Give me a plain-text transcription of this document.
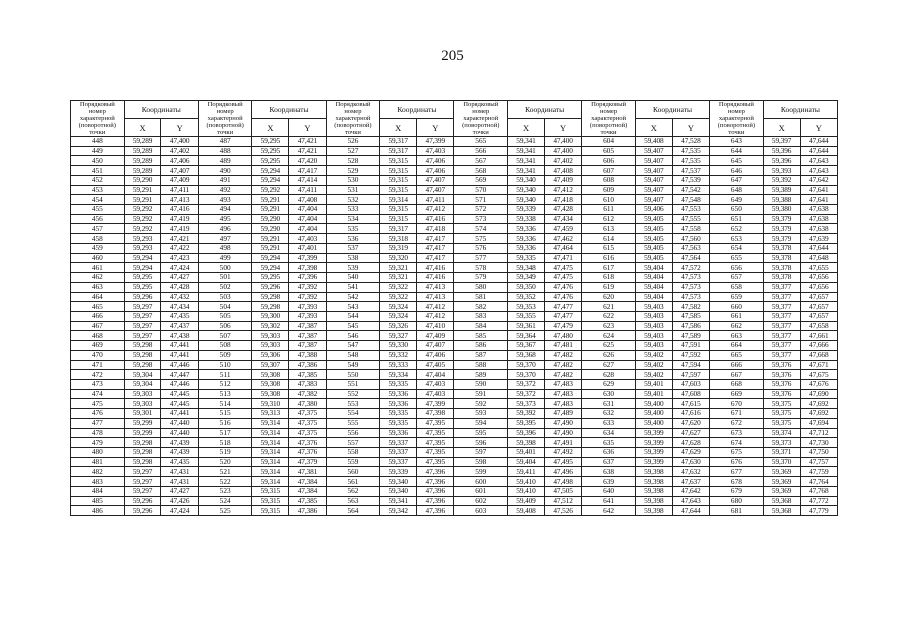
205
Порядковый номер характерной (поворотной) точки	Координаты		Порядковый номер характерной (поворотной) точки	Координаты		Порядковый номер характерной (поворотной) точки	Координаты		Порядковый номер характерной (поворотной) точки	Координаты		Порядковый номер характерной (поворотной) точки	Координаты		Порядковый номер характерной (поворотной) точки	Координаты	
	X	Y		X	Y		X	Y		X	Y		X	Y		X	Y
448	59,289	47,400	487	59,295	47,421	526	59,317	47,399	565	59,341	47,400	604	59,408	47,528	643	59,397	47,644
449	59,289	47,402	488	59,295	47,421	527	59,317	47,403	566	59,341	47,400	605	59,407	47,535	644	59,396	47,644
450	59,289	47,406	489	59,295	47,420	528	59,315	47,406	567	59,341	47,402	606	59,407	47,535	645	59,396	47,643
451	59,289	47,407	490	59,294	47,417	529	59,315	47,406	568	59,341	47,408	607	59,407	47,537	646	59,393	47,643
452	59,290	47,409	491	59,294	47,414	530	59,315	47,407	569	59,340	47,409	608	59,407	47,539	647	59,392	47,642
453	59,291	47,411	492	59,292	47,411	531	59,315	47,407	570	59,340	47,412	609	59,407	47,542	648	59,389	47,641
454	59,291	47,413	493	59,291	47,408	532	59,314	47,411	571	59,340	47,418	610	59,407	47,548	649	59,388	47,641
455	59,292	47,416	494	59,291	47,404	533	59,315	47,412	572	59,339	47,428	611	59,406	47,553	650	59,380	47,638
456	59,292	47,419	495	59,290	47,404	534	59,315	47,416	573	59,338	47,434	612	59,405	47,555	651	59,379	47,638
457	59,292	47,419	496	59,290	47,404	535	59,317	47,418	574	59,336	47,459	613	59,405	47,558	652	59,379	47,638
458	59,293	47,421	497	59,291	47,403	536	59,318	47,417	575	59,336	47,462	614	59,405	47,560	653	59,379	47,639
459	59,293	47,422	498	59,291	47,401	537	59,319	47,417	576	59,336	47,464	615	59,405	47,563	654	59,378	47,644
460	59,294	47,423	499	59,294	47,399	538	59,320	47,417	577	59,335	47,471	616	59,405	47,564	655	59,378	47,648
461	59,294	47,424	500	59,294	47,398	539	59,321	47,416	578	59,348	47,475	617	59,404	47,572	656	59,378	47,655
462	59,295	47,427	501	59,295	47,396	540	59,321	47,416	579	59,349	47,475	618	59,404	47,573	657	59,378	47,656
463	59,295	47,428	502	59,296	47,392	541	59,322	47,413	580	59,350	47,476	619	59,404	47,573	658	59,377	47,656
464	59,296	47,432	503	59,298	47,392	542	59,322	47,413	581	59,352	47,476	620	59,404	47,573	659	59,377	47,657
465	59,297	47,434	504	59,298	47,393	543	59,324	47,412	582	59,353	47,477	621	59,403	47,582	660	59,377	47,657
466	59,297	47,435	505	59,300	47,393	544	59,324	47,412	583	59,355	47,477	622	59,403	47,585	661	59,377	47,657
467	59,297	47,437	506	59,302	47,387	545	59,326	47,410	584	59,361	47,479	623	59,403	47,586	662	59,377	47,658
468	59,297	47,438	507	59,303	47,387	546	59,327	47,409	585	59,364	47,480	624	59,403	47,589	663	59,377	47,661
469	59,298	47,441	508	59,303	47,387	547	59,330	47,407	586	59,367	47,481	625	59,403	47,591	664	59,377	47,666
470	59,298	47,441	509	59,306	47,388	548	59,332	47,406	587	59,368	47,482	626	59,402	47,592	665	59,377	47,668
471	59,298	47,446	510	59,307	47,386	549	59,333	47,405	588	59,370	47,482	627	59,402	47,594	666	59,376	47,671
472	59,304	47,447	511	59,308	47,385	550	59,334	47,404	589	59,370	47,482	628	59,402	47,597	667	59,376	47,675
473	59,304	47,446	512	59,308	47,383	551	59,335	47,403	590	59,372	47,483	629	59,401	47,603	668	59,376	47,676
474	59,303	47,445	513	59,308	47,382	552	59,336	47,403	591	59,372	47,483	630	59,401	47,608	669	59,376	47,690
475	59,303	47,445	514	59,310	47,380	553	59,336	47,399	592	59,373	47,483	631	59,400	47,615	670	59,375	47,692
476	59,301	47,441	515	59,313	47,375	554	59,335	47,398	593	59,392	47,489	632	59,400	47,616	671	59,375	47,692
477	59,299	47,440	516	59,314	47,375	555	59,335	47,395	594	59,395	47,490	633	59,400	47,620	672	59,375	47,694
478	59,299	47,440	517	59,314	47,375	556	59,336	47,395	595	59,396	47,490	634	59,399	47,627	673	59,374	47,712
479	59,298	47,439	518	59,314	47,376	557	59,337	47,395	596	59,398	47,491	635	59,399	47,628	674	59,373	47,730
480	59,298	47,439	519	59,314	47,376	558	59,337	47,395	597	59,401	47,492	636	59,399	47,629	675	59,371	47,750
481	59,298	47,435	520	59,314	47,379	559	59,337	47,395	598	59,404	47,495	637	59,399	47,630	676	59,370	47,757
482	59,297	47,431	521	59,314	47,381	560	59,339	47,396	599	59,411	47,496	638	59,398	47,632	677	59,369	47,759
483	59,297	47,431	522	59,314	47,384	561	59,340	47,396	600	59,410	47,498	639	59,398	47,637	678	59,369	47,764
484	59,297	47,427	523	59,315	47,384	562	59,340	47,396	601	59,410	47,505	640	59,398	47,642	679	59,369	47,768
485	59,296	47,426	524	59,315	47,385	563	59,341	47,396	602	59,409	47,512	641	59,398	47,643	680	59,368	47,772
486	59,296	47,424	525	59,315	47,386	564	59,342	47,396	603	59,408	47,526	642	59,398	47,644	681	59,368	47,779
